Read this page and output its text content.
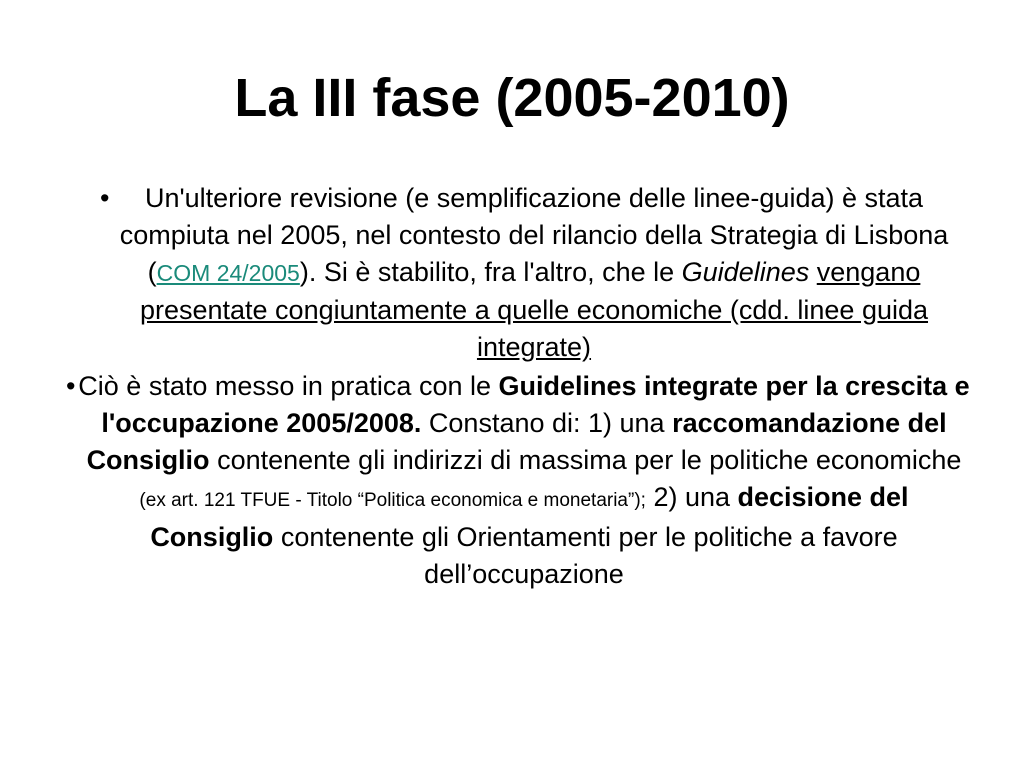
La III fase (2005-2010)
• Un'ulteriore revisione (e semplificazione delle linee-guida) è stata compiuta nel 2005, nel contesto del rilancio della Strategia di Lisbona (COM 24/2005). Si è stabilito, fra l'altro, che le Guidelines vengano presentate congiuntamente a quelle economiche (cdd. linee guida integrate)
• Ciò è stato messo in pratica con le Guidelines integrate per la crescita e l'occupazione 2005/2008. Constano di: 1) una raccomandazione del Consiglio contenente gli indirizzi di massima per le politiche economiche (ex art. 121 TFUE - Titolo “Politica economica e monetaria”); 2) una decisione del Consiglio contenente gli Orientamenti per le politiche a favore dell’occupazione
